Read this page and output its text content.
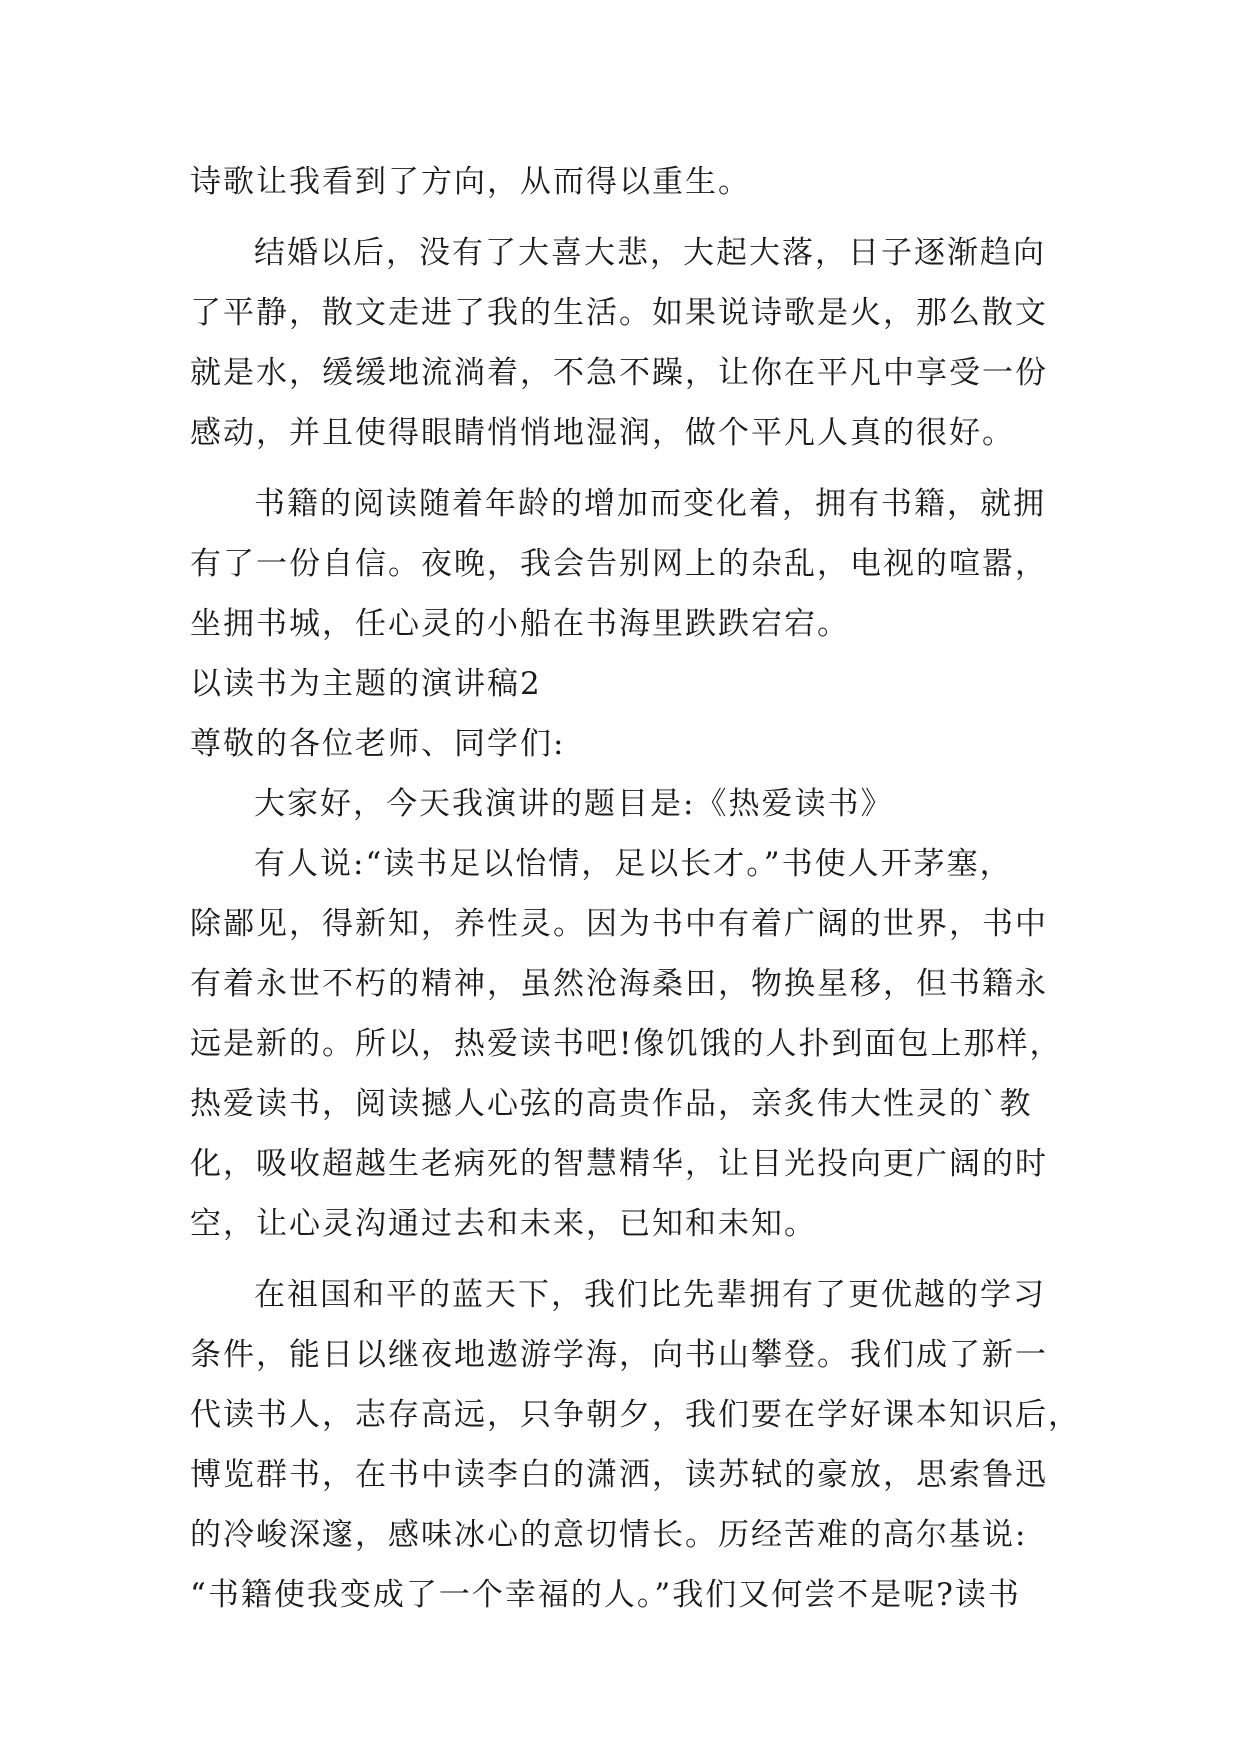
诗歌让我看到了方向，从而得以重生。
结婚以后，没有了大喜大悲，大起大落，日子逐渐趋向
了平静，散文走进了我的生活。如果说诗歌是火，那么散文
就是水，缓缓地流淌着，不急不躁，让你在平凡中享受一份
感动，并且使得眼睛悄悄地湿润，做个平凡人真的很好。
书籍的阅读随着年龄的增加而变化着，拥有书籍，就拥
有了一份自信。夜晚，我会告别网上的杂乱，电视的喧嚣，
坐拥书城，任心灵的小船在书海里跌跌宕宕。
以读书为主题的演讲稿2
尊敬的各位老师、同学们:
大家好，今天我演讲的题目是:《热爱读书》
有人说:“读书足以怡情，足以长才。”书使人开茅塞，
除鄙见，得新知，养性灵。因为书中有着广阔的世界，书中
有着永世不朽的精神，虽然沧海桑田，物换星移，但书籍永
远是新的。所以，热爱读书吧!像饥饿的人扑到面包上那样，
热爱读书，阅读撼人心弦的高贵作品，亲炙伟大性灵的`教
化，吸收超越生老病死的智慧精华，让目光投向更广阔的时
空，让心灵沟通过去和未来，已知和未知。
在祖国和平的蓝天下，我们比先辈拥有了更优越的学习
条件，能日以继夜地遨游学海，向书山攀登。我们成了新一
代读书人，志存高远，只争朝夕，我们要在学好课本知识后，
博览群书，在书中读李白的潇洒，读苏轼的豪放，思索鲁迅
的冷峻深邃，感味冰心的意切情长。历经苦难的高尔基说:
“书籍使我变成了一个幸福的人。”我们又何尝不是呢?读书
